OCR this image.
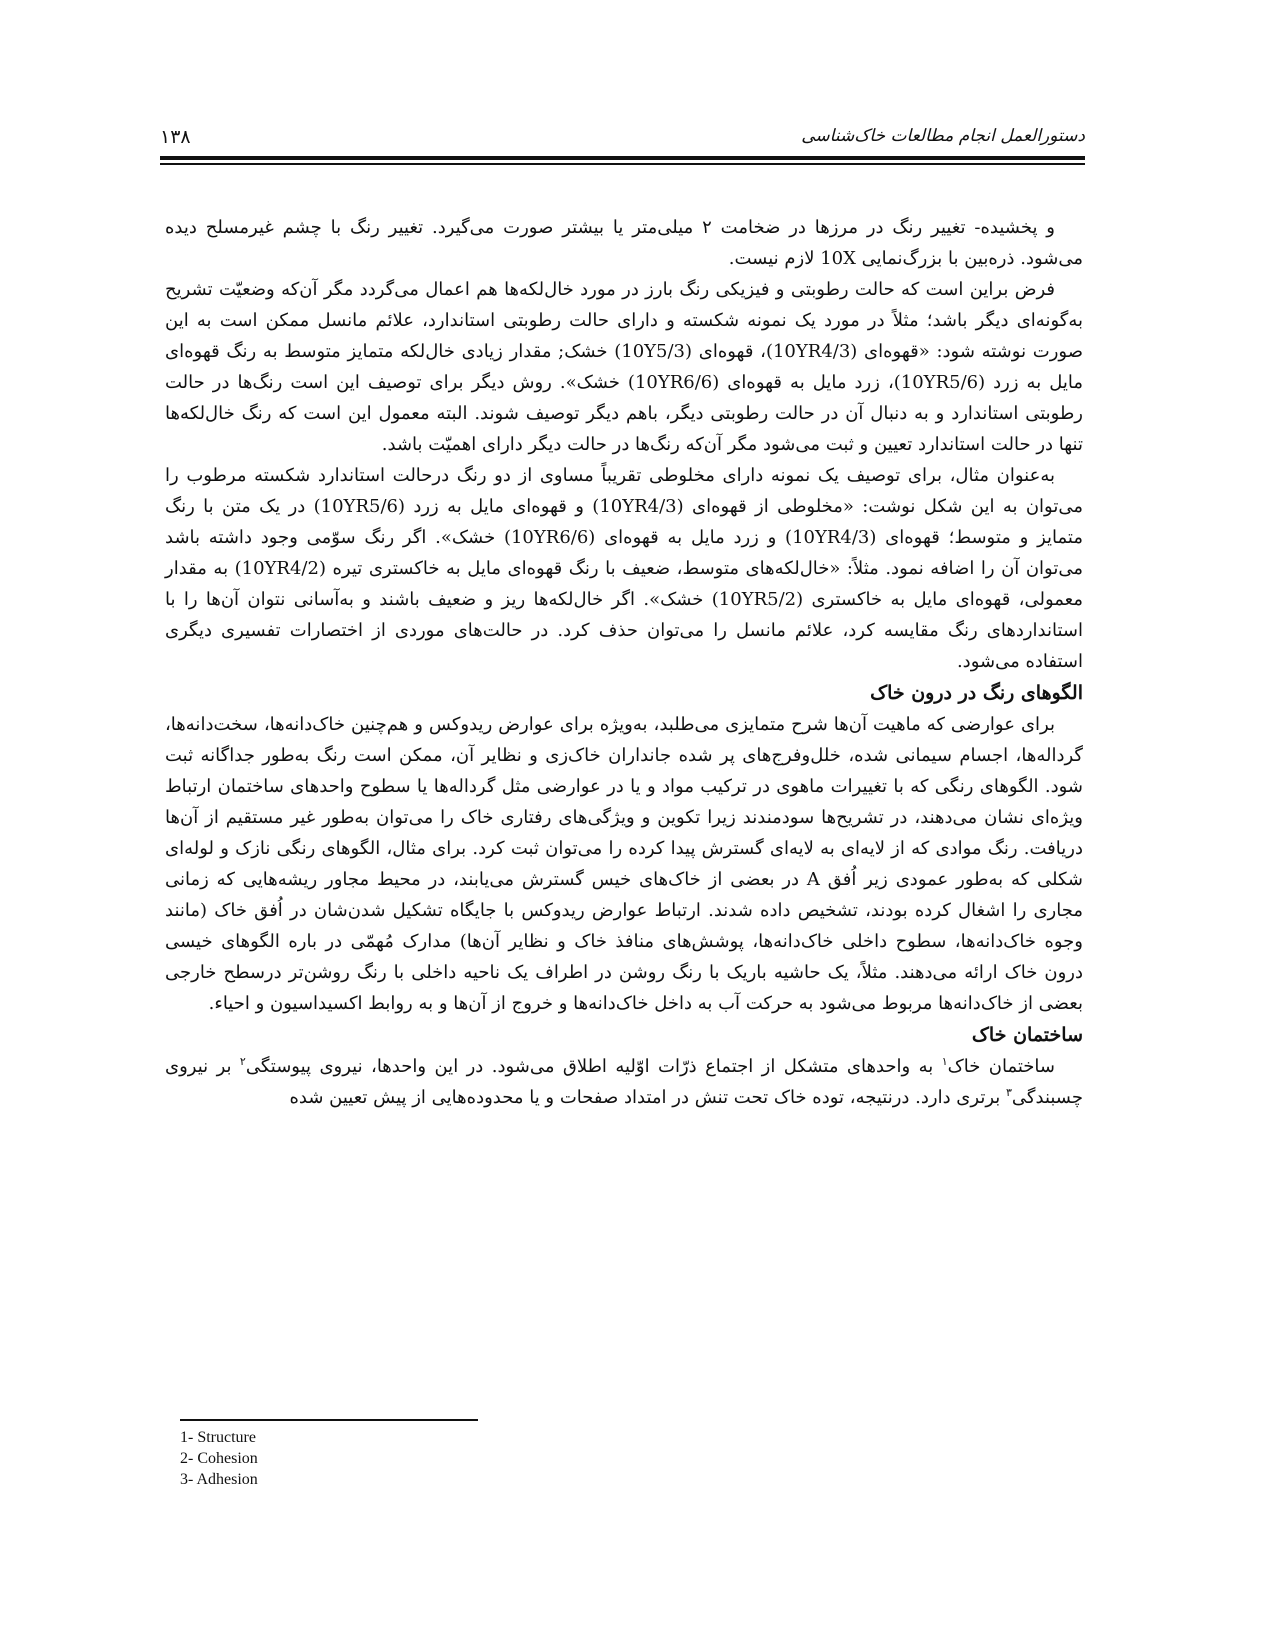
۱۳۸	دستورالعمل انجام مطالعات خاک‌شناسی

و پخشیده- تغییر رنگ در مرزها در ضخامت ۲ میلی‌متر یا بیشتر صورت می‌گیرد. تغییر رنگ با چشم غیرمسلح دیده می‌شود. ذره‌بین با بزرگ‌نمایی 10X لازم نیست.

فرض براین است که حالت رطوبتی و فیزیکی رنگ بارز در مورد خال‌لکه‌ها هم اعمال می‌گردد مگر آن‌که وضعیّت تشریح به‌گونه‌ای دیگر باشد؛ مثلاً در مورد یک نمونه شکسته و دارای حالت رطوبتی استاندارد، علائم مانسل ممکن است به این صورت نوشته شود: «قهوه‌ای (10YR4/3)، قهوه‌ای (10Y5/3) خشک; مقدار زیادی خال‌لکه متمایز متوسط به رنگ قهوه‌ای مایل به زرد (10YR5/6)، زرد مایل به قهوه‌ای (10YR6/6) خشک». روش دیگر برای توصیف این است رنگ‌ها در حالت رطوبتی استاندارد و به دنبال آن در حالت رطوبتی دیگر، باهم دیگر توصیف شوند. البته معمول این است که رنگ خال‌لکه‌ها تنها در حالت استاندارد تعیین و ثبت می‌شود مگر آن‌که رنگ‌ها در حالت دیگر دارای اهمیّت باشد.

به‌عنوان مثال، برای توصیف یک نمونه دارای مخلوطی تقریباً مساوی از دو رنگ درحالت استاندارد شکسته مرطوب را می‌توان به این شکل نوشت: «مخلوطی از قهوه‌ای (10YR4/3) و قهوه‌ای مایل به زرد (10YR5/6) در یک متن با رنگ متمایز و متوسط؛ قهوه‌ای (10YR4/3) و زرد مایل به قهوه‌ای (10YR6/6) خشک». اگر رنگ سوّمی وجود داشته باشد می‌توان آن را اضافه نمود. مثلاً: «خال‌لکه‌های متوسط، ضعیف با رنگ قهوه‌ای مایل به خاکستری تیره (10YR4/2) به مقدار معمولی، قهوه‌ای مایل به خاکستری (10YR5/2) خشک». اگر خال‌لکه‌ها ریز و ضعیف باشند و به‌آسانی نتوان آن‌ها را با استانداردهای رنگ مقایسه کرد، علائم مانسل را می‌توان حذف کرد. در حالت‌های موردی از اختصارات تفسیری دیگری استفاده می‌شود.

الگوهای رنگ در درون خاک

برای عوارضی که ماهیت آن‌ها شرح متمایزی می‌طلبد، به‌ویژه برای عوارض ریدوکس و هم‌چنین خاک‌دانه‌ها، سخت‌دانه‌ها، گرداله‌ها، اجسام سیمانی شده، خلل‌وفرج‌های پر شده جانداران خاک‌زی و نظایر آن، ممکن است رنگ به‌طور جداگانه ثبت شود. الگوهای رنگی که با تغییرات ماهوی در ترکیب مواد و یا در عوارضی مثل گرداله‌ها یا سطوح واحدهای ساختمان ارتباط ویژه‌ای نشان می‌دهند، در تشریح‌ها سودمندند زیرا تکوین و ویژگی‌های رفتاری خاک را می‌توان به‌طور غیر مستقیم از آن‌ها دریافت. رنگ موادی که از لایه‌ای به لایه‌ای گسترش پیدا کرده را می‌توان ثبت کرد. برای مثال، الگوهای رنگی نازک و لوله‌ای شکلی که به‌طور عمودی زیر اُفق A در بعضی از خاک‌های خیس گسترش می‌یابند، در محیط مجاور ریشه‌هایی که زمانی مجاری را اشغال کرده بودند، تشخیص داده شدند. ارتباط عوارض ریدوکس با جایگاه تشکیل شدن‌شان در اُفق خاک (مانند وجوه خاک‌دانه‌ها، سطوح داخلی خاک‌دانه‌ها، پوشش‌های منافذ خاک و نظایر آن‌ها) مدارک مُهمّی در باره الگوهای خیسی درون خاک ارائه می‌دهند. مثلاً، یک حاشیه باریک با رنگ روشن در اطراف یک ناحیه داخلی با رنگ روشن‌تر درسطح خارجی بعضی از خاک‌دانه‌ها مربوط می‌شود به حرکت آب به داخل خاک‌دانه‌ها و خروج از آن‌ها و به روابط اکسیداسیون و احیاء.

ساختمان خاک

ساختمان خاک$^۱$ به واحدهای متشکل از اجتماع ذرّات اوّلیه اطلاق می‌شود. در این واحدها، نیروی پیوستگی$^۲$ بر نیروی چسبندگی$^۳$ برتری دارد. درنتیجه، توده خاک تحت تنش در امتداد صفحات و یا محدوده‌هایی از پیش تعیین شده

1- Structure
2- Cohesion
3- Adhesion
